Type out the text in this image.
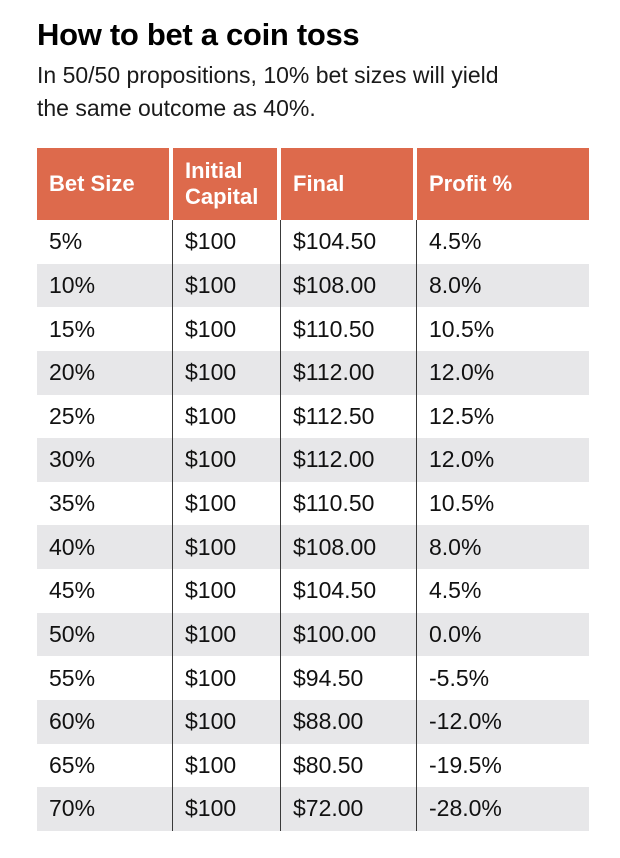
How to bet a coin toss

In 50/50 propositions, 10% bet sizes will yield the same outcome as 40%.

Bet Size	Initial Capital	Final	Profit %
5%	$100	$104.50	4.5%
10%	$100	$108.00	8.0%
15%	$100	$110.50	10.5%
20%	$100	$112.00	12.0%
25%	$100	$112.50	12.5%
30%	$100	$112.00	12.0%
35%	$100	$110.50	10.5%
40%	$100	$108.00	8.0%
45%	$100	$104.50	4.5%
50%	$100	$100.00	0.0%
55%	$100	$94.50	-5.5%
60%	$100	$88.00	-12.0%
65%	$100	$80.50	-19.5%
70%	$100	$72.00	-28.0%
